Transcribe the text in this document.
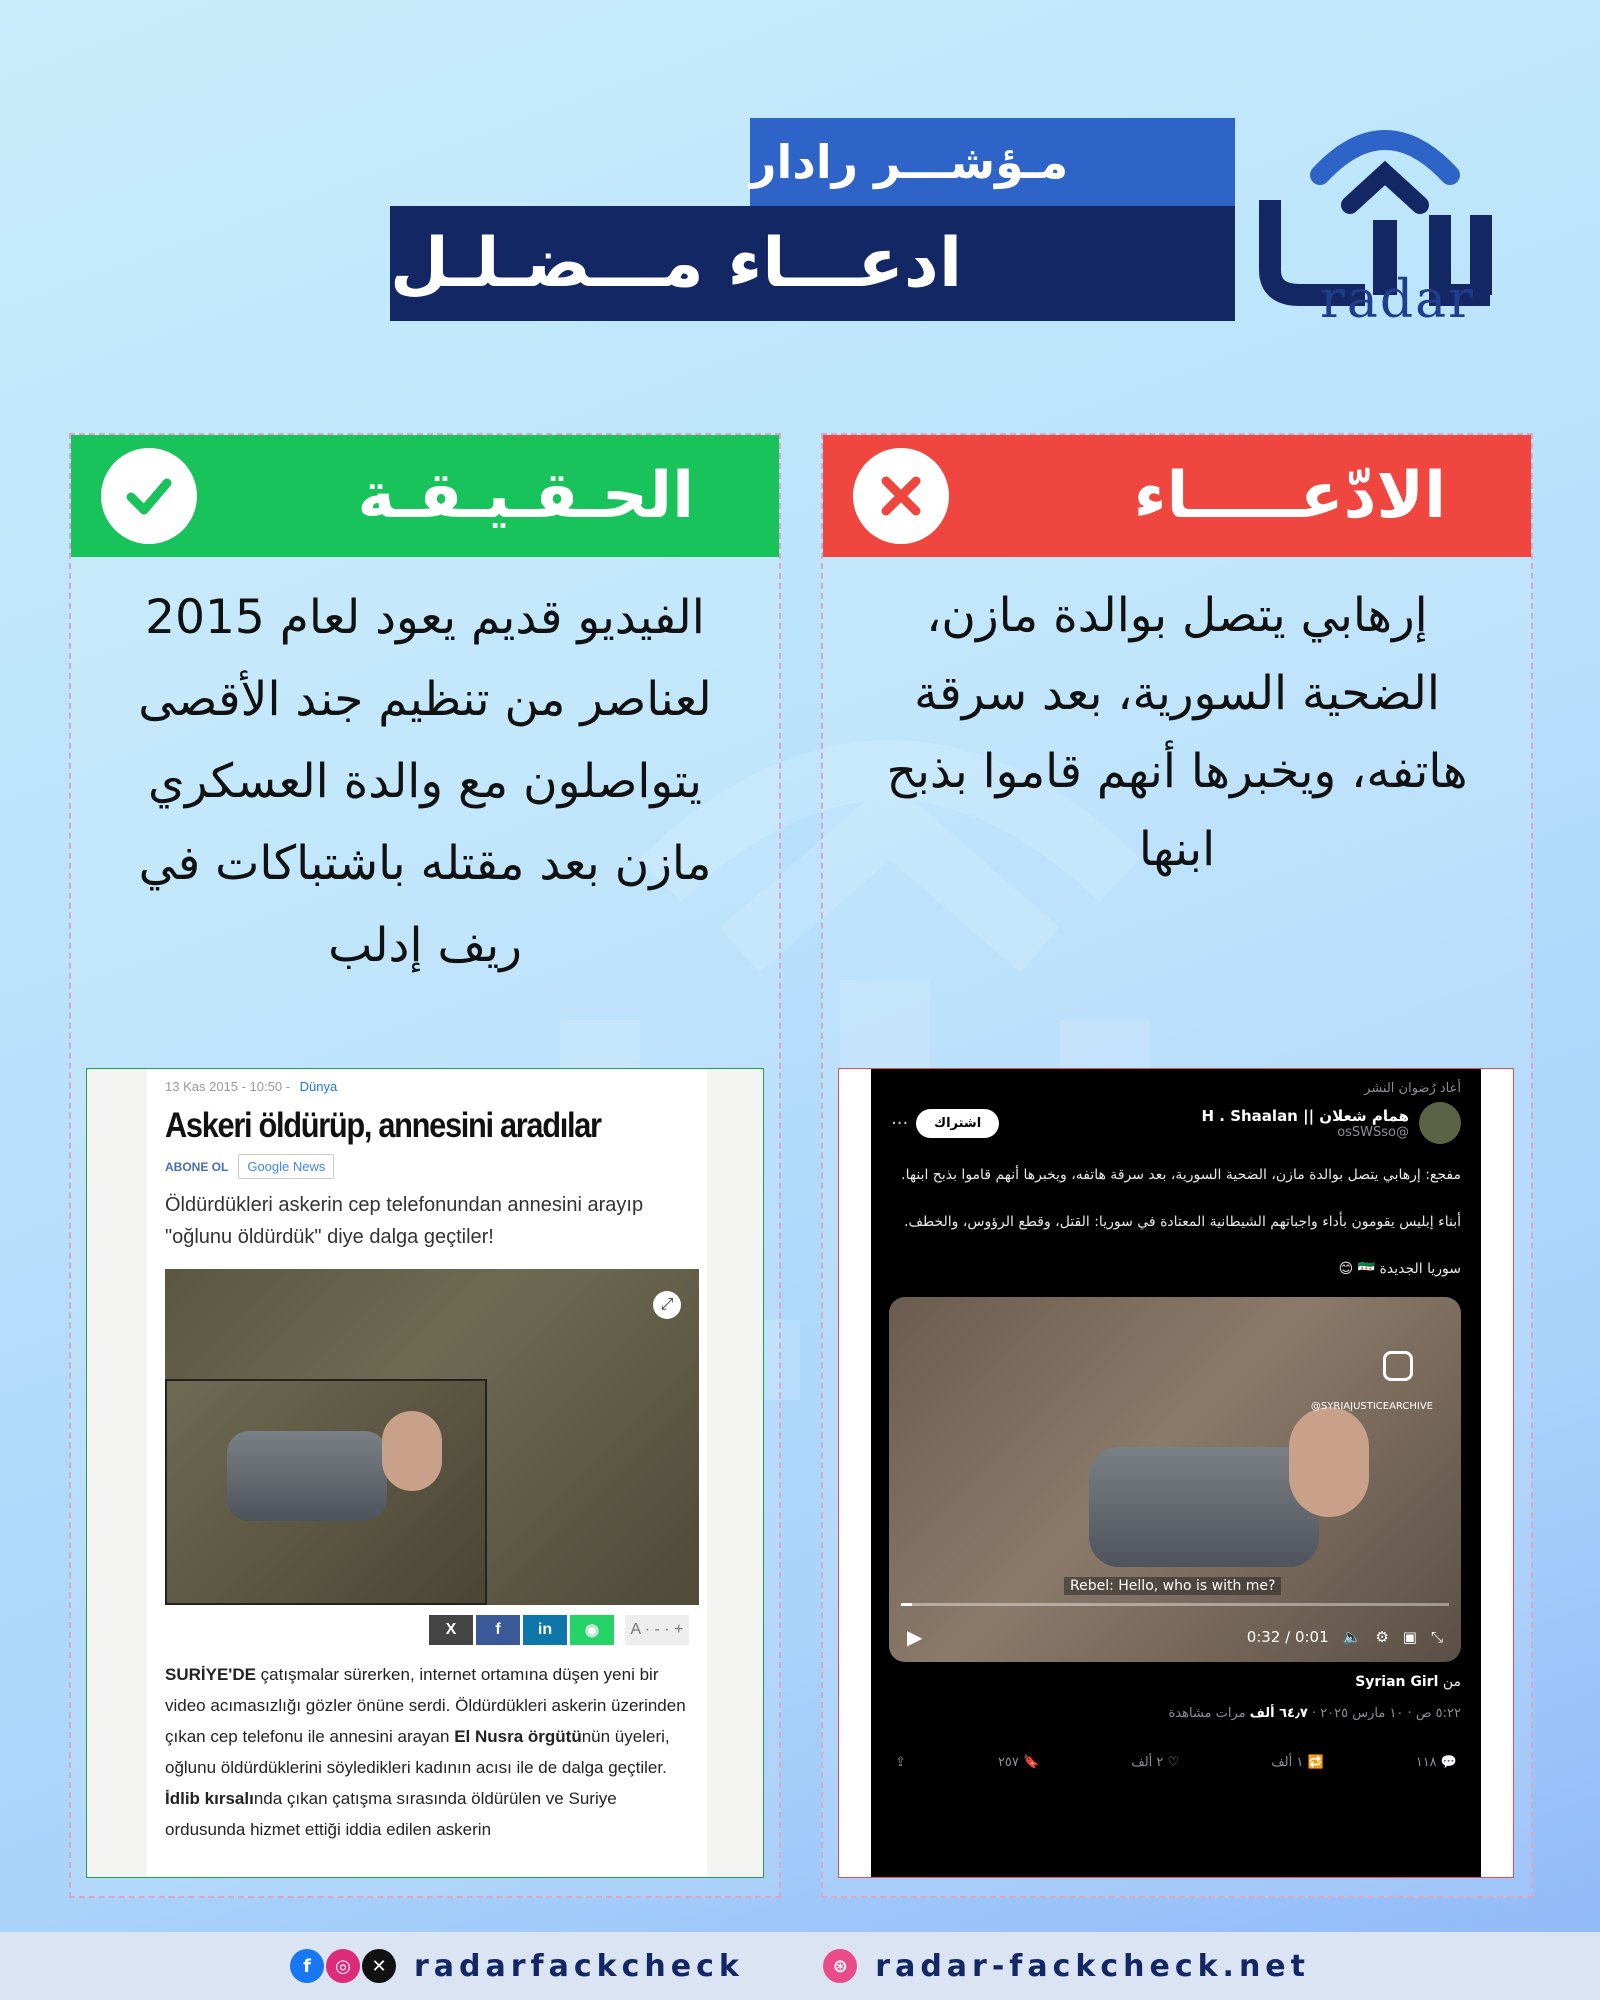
radar
مـؤشـــر رادار
ادعـــاء مـــضـلـل
الحـقـيـقـة
الفيديو قديم يعود لعام 2015 لعناصر من تنظيم جند الأقصى يتواصلون مع والدة العسكري مازن بعد مقتله باشتباكات في ريف إدلب
الادّعـــــاء
إرهابي يتصل بوالدة مازن، الضحية السورية، بعد سرقة هاتفه، ويخبرها أنهم قاموا بذبح ابنها
13 Kas 2015 - 10:50 - Dünya
Askeri öldürüp, annesini aradılar
ABONE OL	Google News
Öldürdükleri askerin cep telefonundan annesini arayıp "oğlunu öldürdük" diye dalga geçtiler!
⤢
X	f	in	◉	A · - · +
SURİYE'DE çatışmalar sürerken, internet ortamına düşen yeni bir video acımasızlığı gözler önüne serdi. Öldürdükleri askerin üzerinden çıkan cep telefonu ile annesini arayan El Nusra örgütünün üyeleri, oğlunu öldürdüklerini söyledikleri kadının acısı ile de dalga geçtiler. İdlib kırsalında çıkan çatışma sırasında öldürülen ve Suriye ordusunda hizmet ettiği iddia edilen askerin
أعاد رُضوان النشر
همام شعلان || H . Shaalan
@osSWSso
اشتراك
···

مفجع: إرهابي يتصل بوالدة مازن، الضحية السورية، بعد سرقة هاتفه، ويخبرها أنهم قاموا بذبح ابنها.

أبناء إبليس يقومون بأداء واجباتهم الشيطانية المعتادة في سوريا: القتل، وقطع الرؤوس، والخطف.

سوريا الجديدة 🇸🇾 😊

@SYRIAJUSTICEARCHIVE
Rebel: Hello, who is with me?
▶	0:32 / 0:01 🔈 ⚙ ▣ ⤡
من Syrian Girl
٥:٢٢ ص · ١٠ مارس ٢٠٢٥ · ٦٤٫٧ ألف مرات مشاهدة
💬 ١١٨
🔁 ١ ألف
♡ ٢ ألف
🔖 ٢٥٧
⇪
f	◎	✕ radarfackcheck	⊛ radar-fackcheck.net
